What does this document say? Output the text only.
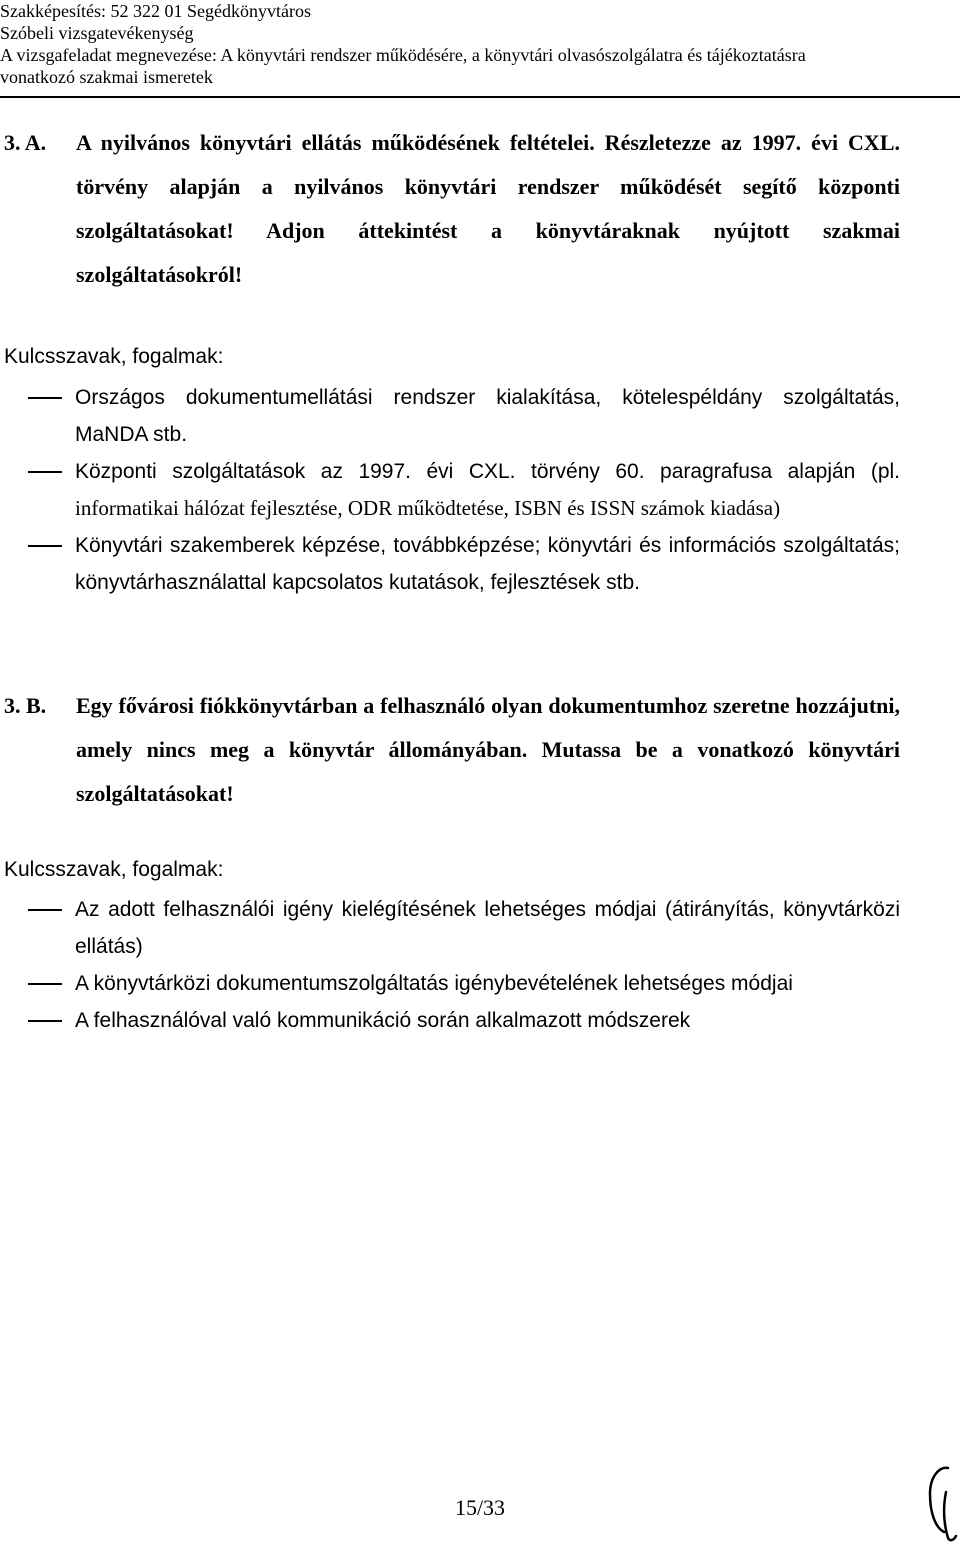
Szakképesítés: 52 322 01 Segédkönyvtáros
Szóbeli vizsgatevékenység
A vizsgafeladat megnevezése: A könyvtári rendszer működésére, a könyvtári olvasószolgálatra és tájékoztatásra
vonatkozó szakmai ismeretek
3. A.	A nyilvános könyvtári ellátás működésének feltételei. Részletezze az 1997. évi CXL. törvény alapján a nyilvános könyvtári rendszer működését segítő központi szolgáltatásokat! Adjon áttekintést a könyvtáraknak nyújtott szakmai szolgáltatásokról!
Kulcsszavak, fogalmak:
Országos dokumentumellátási rendszer kialakítása, kötelespéldány szolgáltatás, MaNDA stb.
Központi szolgáltatások az 1997. évi CXL. törvény 60. paragrafusa alapján (pl.
informatikai hálózat fejlesztése, ODR működtetése, ISBN és ISSN számok kiadása)
Könyvtári szakemberek képzése, továbbképzése; könyvtári és információs szolgáltatás; könyvtárhasználattal kapcsolatos kutatások, fejlesztések stb.
3. B.	Egy fővárosi fiókkönyvtárban a felhasználó olyan dokumentumhoz szeretne hozzájutni, amely nincs meg a könyvtár állományában. Mutassa be a vonatkozó könyvtári szolgáltatásokat!
Kulcsszavak, fogalmak:
Az adott felhasználói igény kielégítésének lehetséges módjai (átirányítás, könyvtárközi ellátás)
A könyvtárközi dokumentumszolgáltatás igénybevételének lehetséges módjai
A felhasználóval való kommunikáció során alkalmazott módszerek
15/33
